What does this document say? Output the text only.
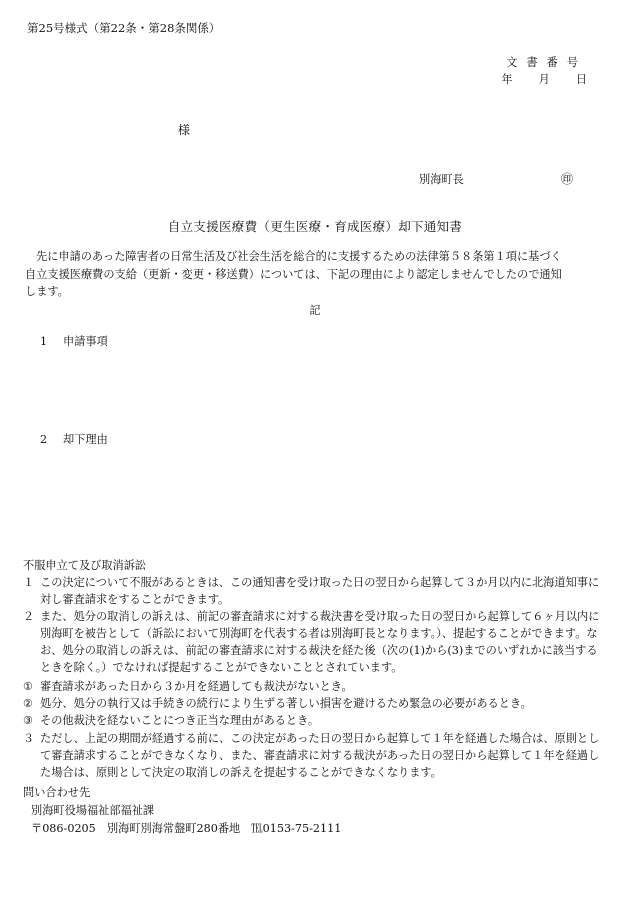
第25号様式（第22条・第28条関係）
文書番号
年 月 日
様
別海町長	㊞
自立支援医療費（更生医療・育成医療）却下通知書

先に申請のあった障害者の日常生活及び社会生活を総合的に支援するための法律第５８条第１項に基づく

自立支援医療費の支給（更新・変更・移送費）については、下記の理由により認定しませんでしたので通知

します。

記
1 申請事項
2 却下理由
不服申立て及び取消訴訟
１ この決定について不服があるときは、この通知書を受け取った日の翌日から起算して３か月以内に北海道知事に対し審査請求をすることができます。
２ また、処分の取消しの訴えは、前記の審査請求に対する裁決書を受け取った日の翌日から起算して６ヶ月以内に別海町を被告として（訴訟において別海町を代表する者は別海町長となります。）、提起することができます。なお、処分の取消しの訴えは、前記の審査請求に対する裁決を経た後（次の(1)から(3)までのいずれかに該当するときを除く。）でなければ提起することができないこととされています。
① 審査請求があった日から３か月を経過しても裁決がないとき。
② 処分、処分の執行又は手続きの続行により生ずる著しい損害を避けるため緊急の必要があるとき。
③ その他裁決を経ないことにつき正当な理由があるとき。
３ ただし、上記の期間が経過する前に、この決定があった日の翌日から起算して１年を経過した場合は、原則として審査請求することができなくなり、また、審査請求に対する裁決があった日の翌日から起算して１年を経過した場合は、原則として決定の取消しの訴えを提起することができなくなります。
問い合わせ先
別海町役場福祉部福祉課
〒086-0205　別海町別海常盤町280番地　℡0153-75-2111
